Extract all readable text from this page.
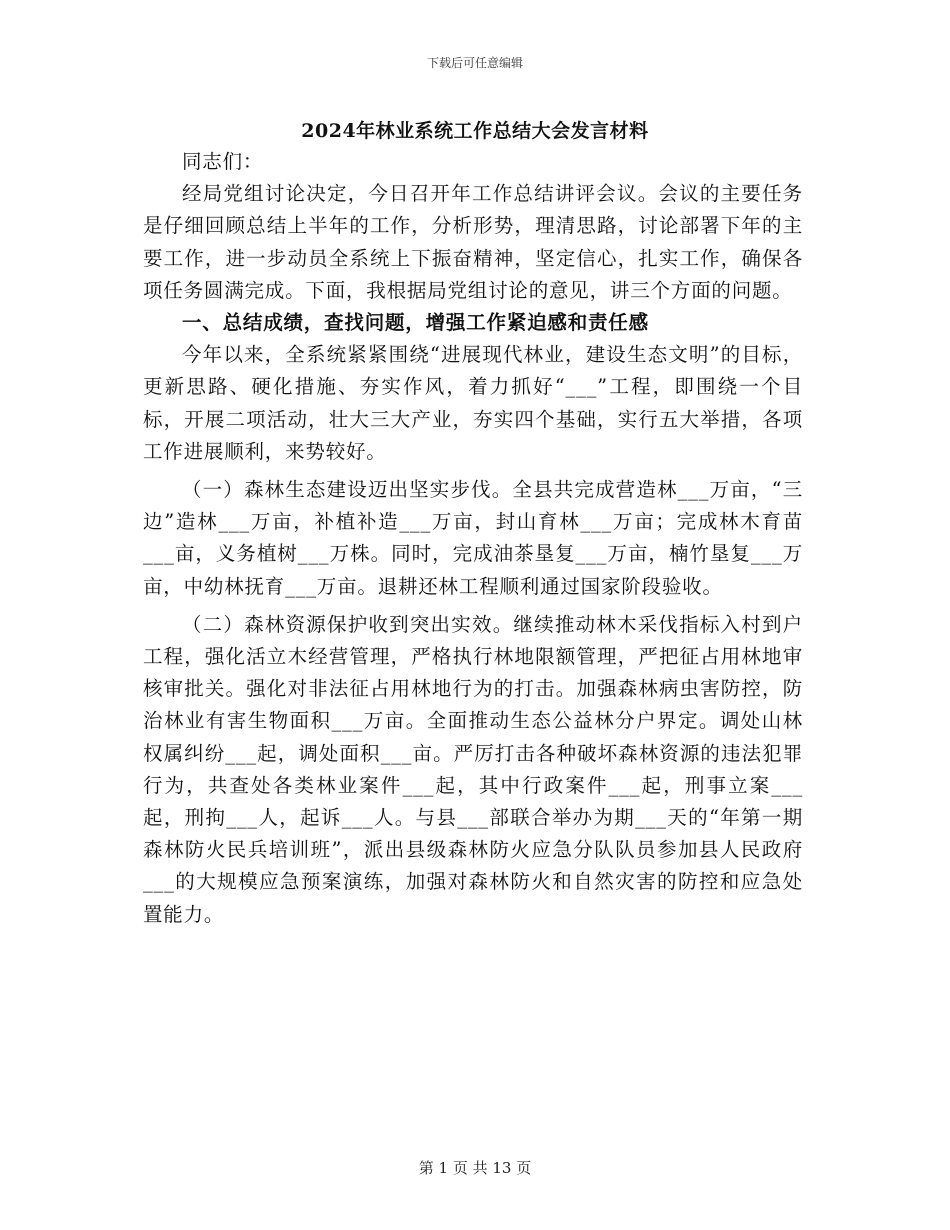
下载后可任意编辑
2024年林业系统工作总结大会发言材料

同志们：

经局党组讨论决定，今日召开年工作总结讲评会议。会议的主要任务是仔细回顾总结上半年的工作，分析形势，理清思路，讨论部署下年的主要工作，进一步动员全系统上下振奋精神，坚定信心，扎实工作，确保各项任务圆满完成。下面，我根据局党组讨论的意见，讲三个方面的问题。

一、总结成绩，查找问题，增强工作紧迫感和责任感

今年以来，全系统紧紧围绕“进展现代林业，建设生态文明”的目标，更新思路、硬化措施、夯实作风，着力抓好“___”工程，即围绕一个目标，开展二项活动，壮大三大产业，夯实四个基础，实行五大举措，各项工作进展顺利，来势较好。

（一）森林生态建设迈出坚实步伐。全县共完成营造林___万亩，“三边”造林___万亩，补植补造___万亩，封山育林___万亩；完成林木育苗___亩，义务植树___万株。同时，完成油茶垦复___万亩，楠竹垦复___万亩，中幼林抚育___万亩。退耕还林工程顺利通过国家阶段验收。

（二）森林资源保护收到突出实效。继续推动林木采伐指标入村到户工程，强化活立木经营管理，严格执行林地限额管理，严把征占用林地审核审批关。强化对非法征占用林地行为的打击。加强森林病虫害防控，防治林业有害生物面积___万亩。全面推动生态公益林分户界定。调处山林权属纠纷___起，调处面积___亩。严厉打击各种破坏森林资源的违法犯罪行为，共查处各类林业案件___起，其中行政案件___起，刑事立案___起，刑拘___人，起诉___人。与县___部联合举办为期___天的“年第一期森林防火民兵培训班”，派出县级森林防火应急分队队员参加县人民政府___的大规模应急预案演练，加强对森林防火和自然灾害的防控和应急处置能力。

第 1 页 共 13 页
